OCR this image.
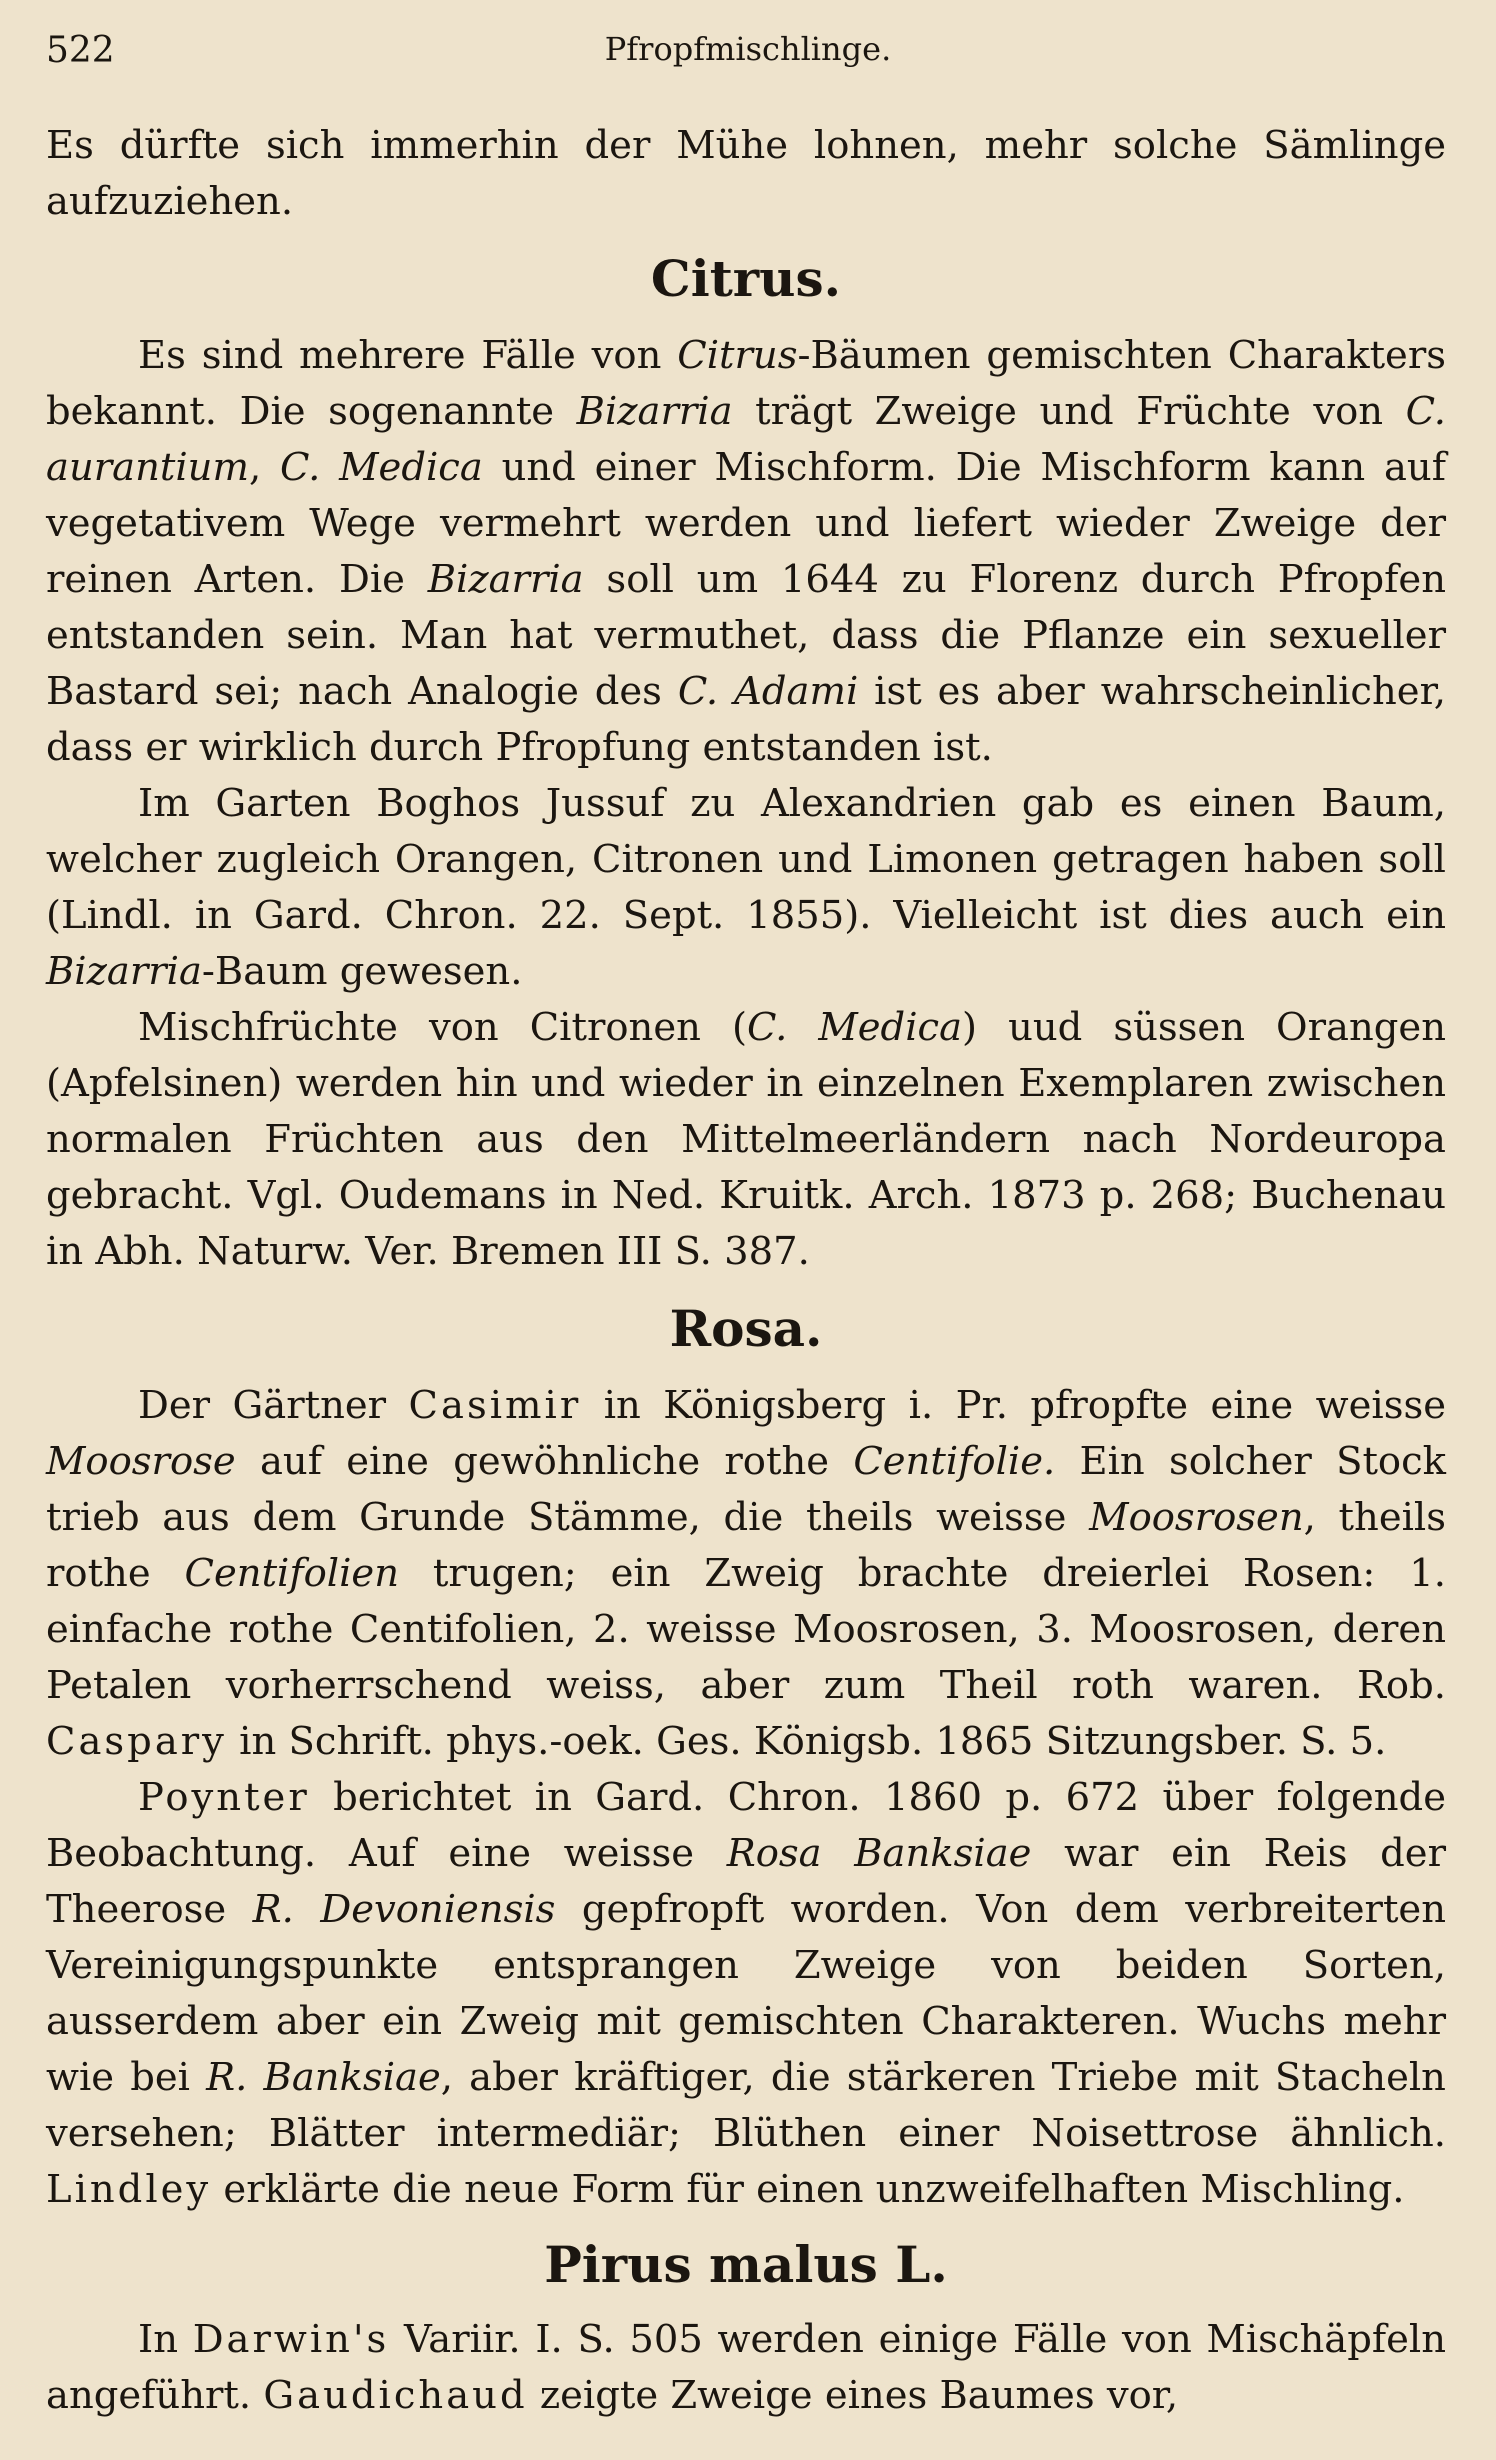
522	Pfropfmischlinge.

Es dürfte sich immerhin der Mühe lohnen, mehr solche Sämlinge aufzuziehen.

Citrus.

Es sind mehrere Fälle von Citrus-Bäumen gemischten Charakters bekannt. Die sogenannte Bizarria trägt Zweige und Früchte von C. aurantium, C. Medica und einer Mischform. Die Mischform kann auf vegetativem Wege vermehrt werden und liefert wieder Zweige der reinen Arten. Die Bizarria soll um 1644 zu Florenz durch Pfropfen entstanden sein. Man hat vermuthet, dass die Pflanze ein sexueller Bastard sei; nach Analogie des C. Adami ist es aber wahrscheinlicher, dass er wirklich durch Pfropfung entstanden ist.

Im Garten Boghos Jussuf zu Alexandrien gab es einen Baum, welcher zugleich Orangen, Citronen und Limonen getragen haben soll (Lindl. in Gard. Chron. 22. Sept. 1855). Vielleicht ist dies auch ein Bizarria-Baum gewesen.

Mischfrüchte von Citronen (C. Medica) uud süssen Orangen (Apfelsinen) werden hin und wieder in einzelnen Exemplaren zwischen normalen Früchten aus den Mittelmeerländern nach Nordeuropa gebracht. Vgl. Oudemans in Ned. Kruitk. Arch. 1873 p. 268; Buchenau in Abh. Naturw. Ver. Bremen III S. 387.

Rosa.

Der Gärtner Casimir in Königsberg i. Pr. pfropfte eine weisse Moosrose auf eine gewöhnliche rothe Centifolie. Ein solcher Stock trieb aus dem Grunde Stämme, die theils weisse Moosrosen, theils rothe Centifolien trugen; ein Zweig brachte dreierlei Rosen: 1. einfache rothe Centifolien, 2. weisse Moosrosen, 3. Moosrosen, deren Petalen vorherrschend weiss, aber zum Theil roth waren. Rob. Caspary in Schrift. phys.-oek. Ges. Königsb. 1865 Sitzungsber. S. 5.

Poynter berichtet in Gard. Chron. 1860 p. 672 über folgende Beobachtung. Auf eine weisse Rosa Banksiae war ein Reis der Theerose R. Devoniensis gepfropft worden. Von dem verbreiterten Vereinigungspunkte entsprangen Zweige von beiden Sorten, ausserdem aber ein Zweig mit gemischten Charakteren. Wuchs mehr wie bei R. Banksiae, aber kräftiger, die stärkeren Triebe mit Stacheln versehen; Blätter intermediär; Blüthen einer Noisettrose ähnlich. Lindley erklärte die neue Form für einen unzweifelhaften Mischling.

Pirus malus L.

In Darwin's Variir. I. S. 505 werden einige Fälle von Mischäpfeln angeführt. Gaudichaud zeigte Zweige eines Baumes vor,
